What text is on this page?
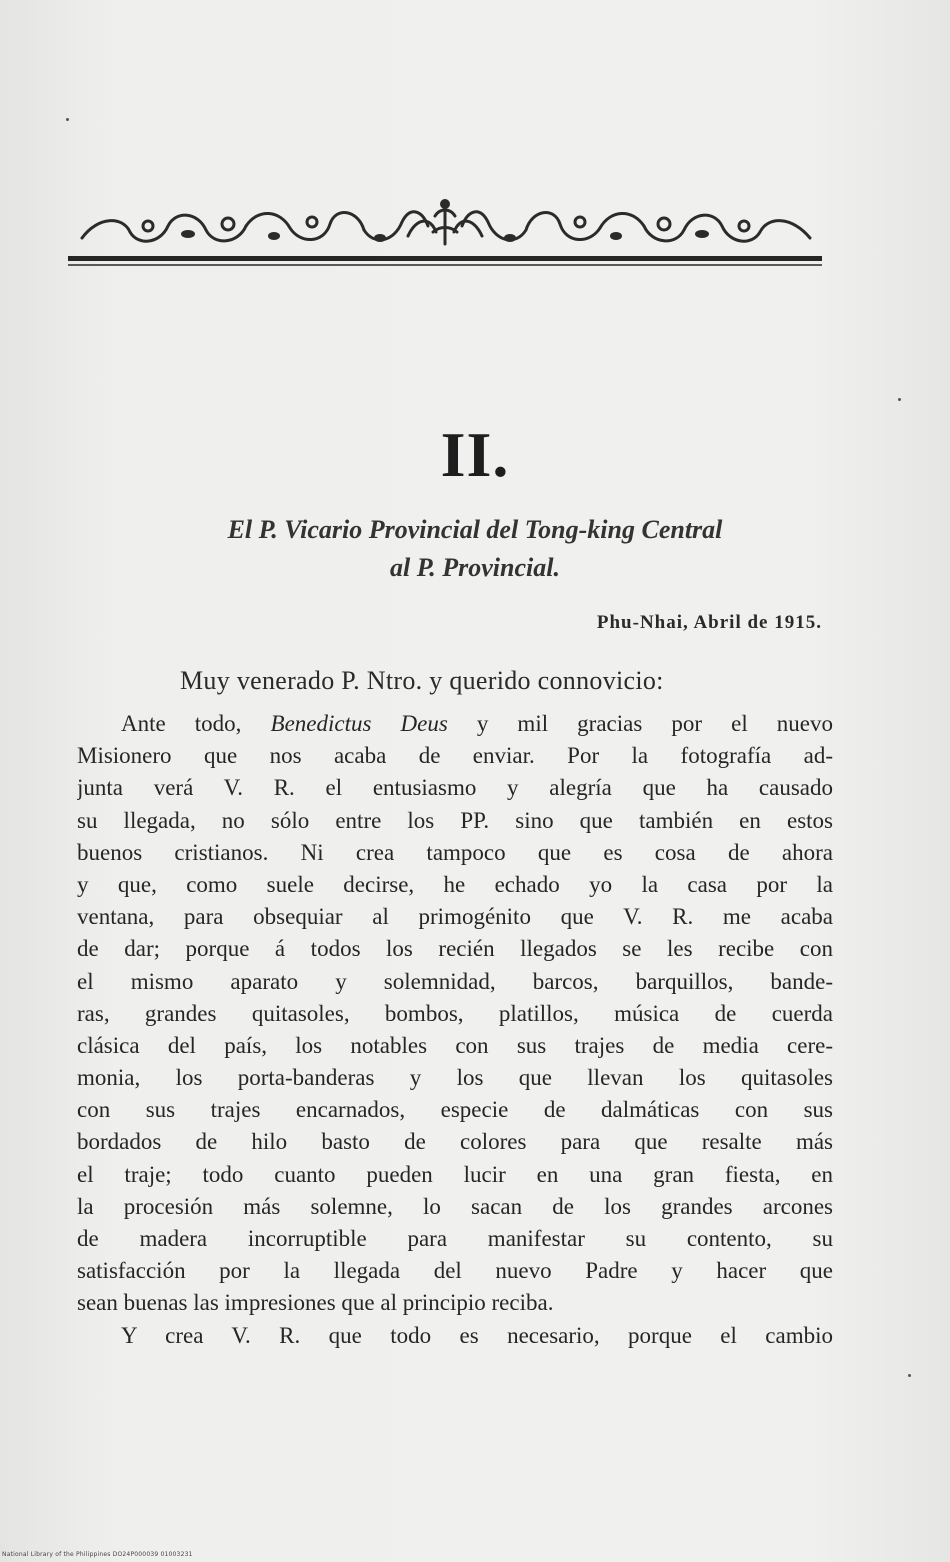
II.
El P. Vicario Provincial del Tong-king Central
al P. Provincial.
Phu-Nhai, Abril de 1915.
Muy venerado P. Ntro. y querido connovicio:
Ante todo, Benedictus Deus y mil gracias por el nuevo
Misionero que nos acaba de enviar. Por la fotografía ad-
junta verá V. R. el entusiasmo y alegría que ha causado
su llegada, no sólo entre los PP. sino que también en estos
buenos cristianos. Ni crea tampoco que es cosa de ahora
y que, como suele decirse, he echado yo la casa por la
ventana, para obsequiar al primogénito que V. R. me acaba
de dar; porque á todos los recién llegados se les recibe con
el mismo aparato y solemnidad, barcos, barquillos, bande-
ras, grandes quitasoles, bombos, platillos, música de cuerda
clásica del país, los notables con sus trajes de media cere-
monia, los porta-banderas y los que llevan los quitasoles
con sus trajes encarnados, especie de dalmáticas con sus
bordados de hilo basto de colores para que resalte más
el traje; todo cuanto pueden lucir en una gran fiesta, en
la procesión más solemne, lo sacan de los grandes arcones
de madera incorruptible para manifestar su contento, su
satisfacción por la llegada del nuevo Padre y hacer que
sean buenas las impresiones que al principio reciba.
Y crea V. R. que todo es necesario, porque el cambio
National Library of the Philippines DO24P000039 01003231
